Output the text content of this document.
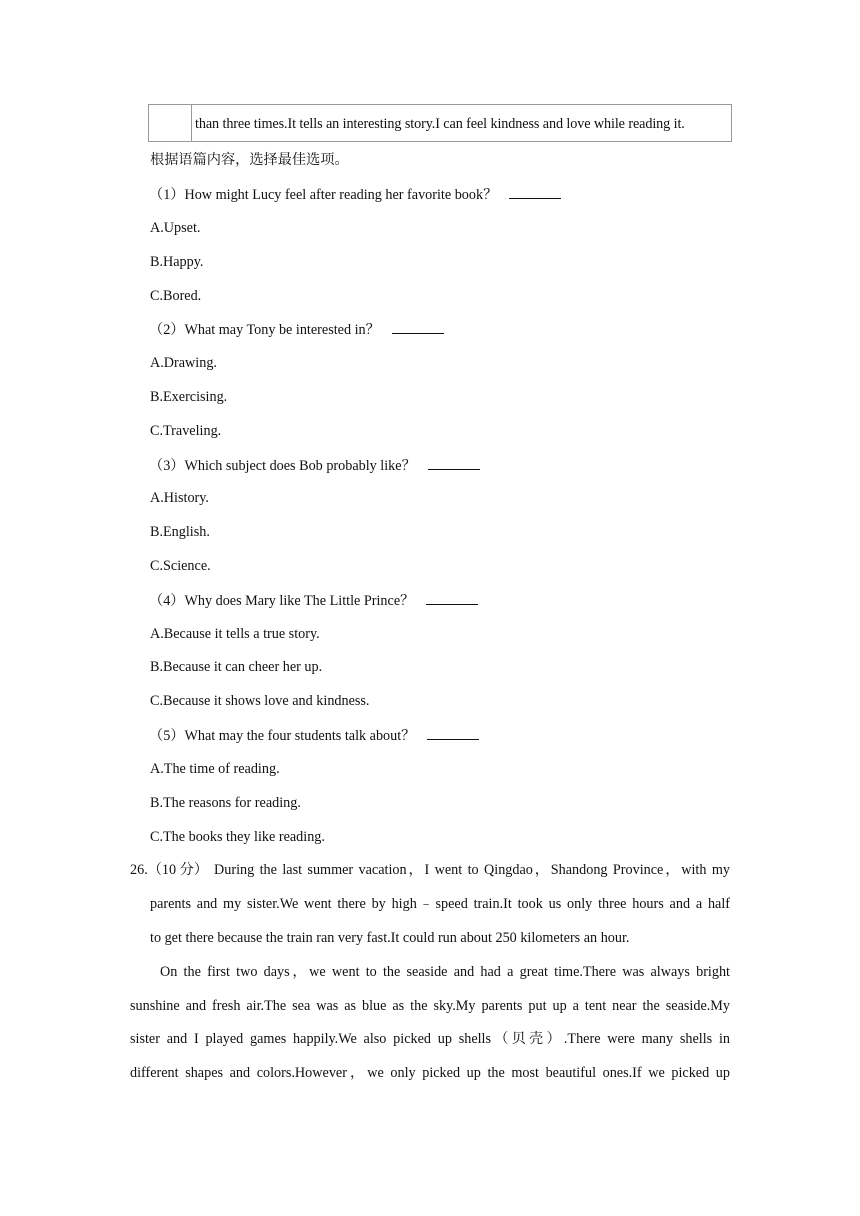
than three times.It tells an interesting story.I can feel kindness and love while reading it.
根据语篇内容，选择最佳选项。
（1）How might Lucy feel after reading her favorite book？
A.Upset.
B.Happy.
C.Bored.
（2）What may Tony be interested in？
A.Drawing.
B.Exercising.
C.Traveling.
（3）Which subject does Bob probably like？
A.History.
B.English.
C.Science.
（4）Why does Mary like The Little Prince？
A.Because it tells a true story.
B.Because it can cheer her up.
C.Because it shows love and kindness.
（5）What may the four students talk about？
A.The time of reading.
B.The reasons for reading.
C.The books they like reading.
26.（10 分） During the last summer vacation，I went to Qingdao，Shandong Province，with my
parents and my sister.We went there by high﹣speed train.It took us only three hours and a half
to get there because the train ran very fast.It could run about 250 kilometers an hour.
On the first two days，we went to the seaside and had a great time.There was always bright
sunshine and fresh air.The sea was as blue as the sky.My parents put up a tent near the seaside.My
sister and I played games happily.We also picked up shells（贝壳）.There were many shells in
different shapes and colors.However，we only picked up the most beautiful ones.If we picked up
